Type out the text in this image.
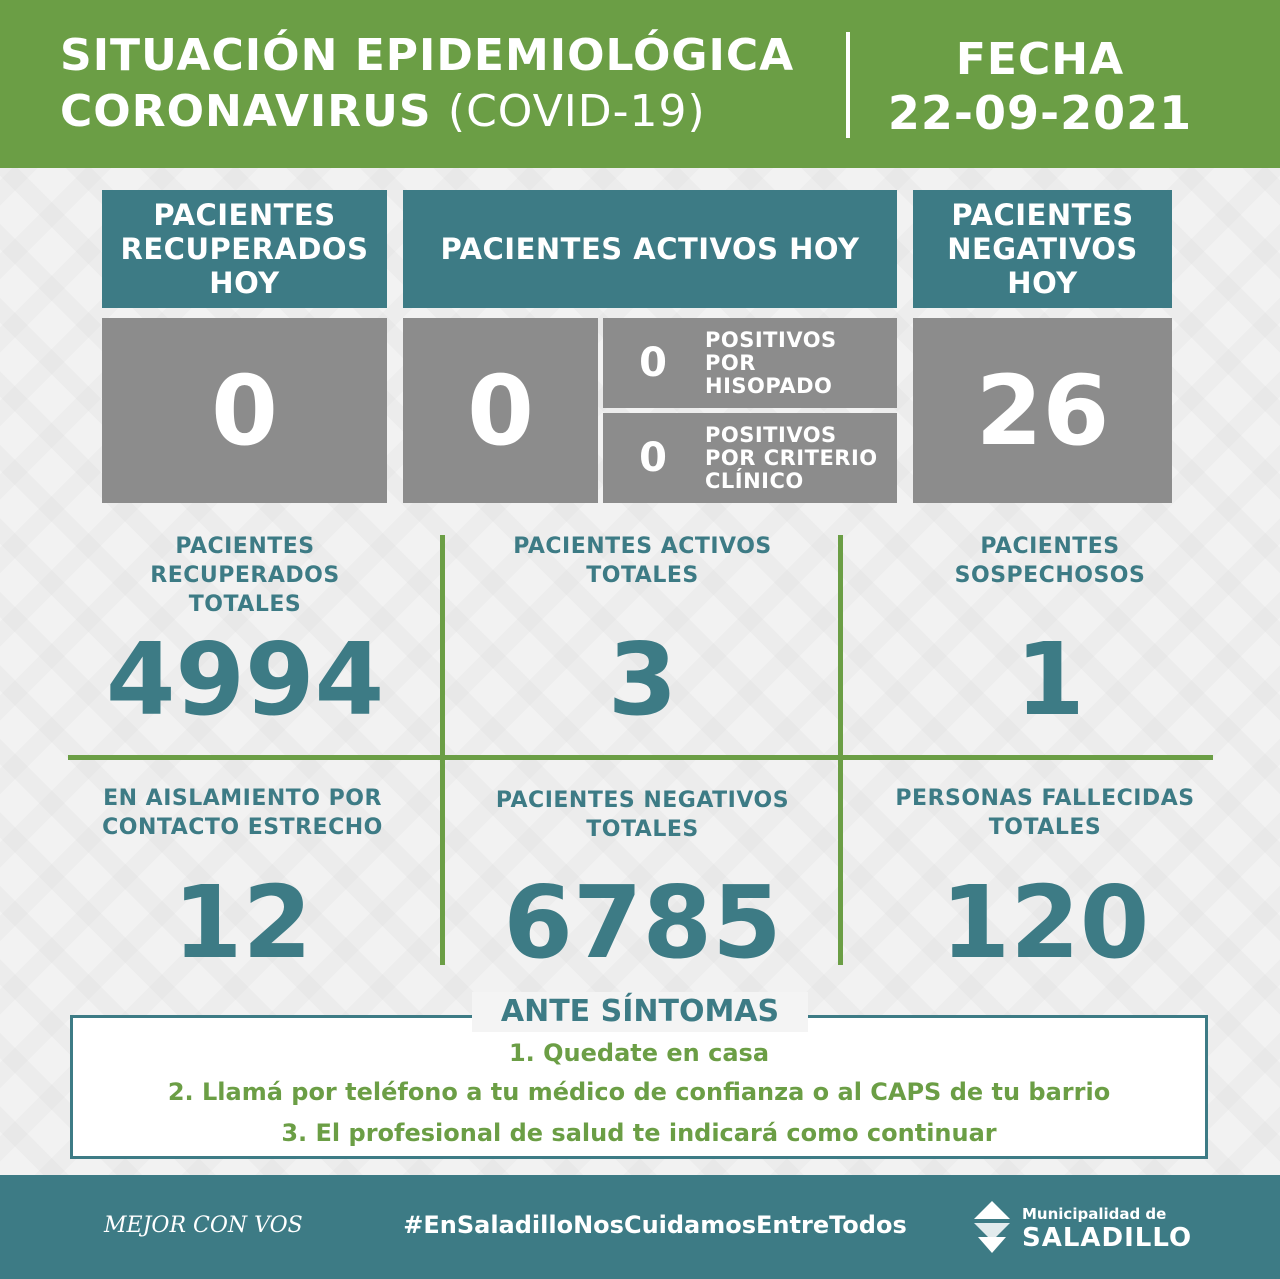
SITUACIÓN EPIDEMIOLÓGICA
CORONAVIRUS (COVID-19)
FECHA
22-09-2021
PACIENTES
RECUPERADOS
HOY
PACIENTES ACTIVOS HOY
PACIENTES
NEGATIVOS
HOY
0	0	0
POSITIVOS
POR
HISOPADO
0
POSITIVOS
POR CRITERIO
CLÍNICO
26
PACIENTES
RECUPERADOS
TOTALES
4994
PACIENTES ACTIVOS
TOTALES
3
PACIENTES
SOSPECHOSOS
1
EN AISLAMIENTO POR
CONTACTO ESTRECHO
12
PACIENTES NEGATIVOS
TOTALES
6785
PERSONAS FALLECIDAS
TOTALES
120
ANTE SÍNTOMAS
1. Quedate en casa
2. Llamá por teléfono a tu médico de confianza o al CAPS de tu barrio
3. El profesional de salud te indicará como continuar
MEJOR CON VOS	#EnSaladilloNosCuidamosEntreTodos	Municipalidad de
SALADILLO
